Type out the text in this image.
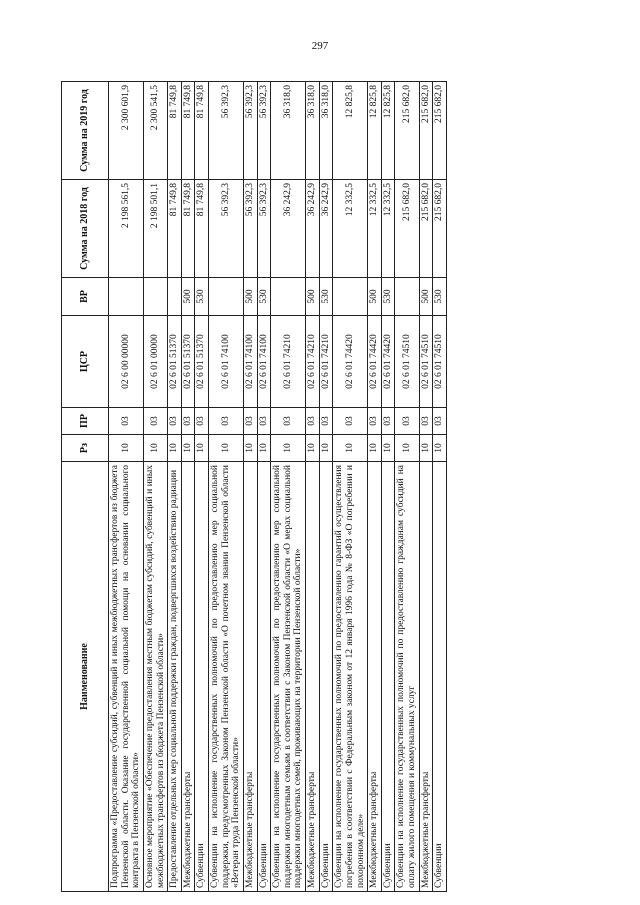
297
Наименование	Рз	ПР	ЦСР	ВР	Сумма на 2018 год	Сумма на 2019 год
Подпрограмма «Предоставление субсидий, субвенций и иных межбюджетных трансфертов из бюджета Пензенской области. Оказание государственной социальной помощи на основании социального контракта в Пензенской области»	10	03	02 6 00 00000		2 198 561,5	2 300 601,9
Основное мероприятие «Обеспечение предоставления местным бюджетам субсидий, субвенций и иных межбюджетных трансфертов из бюджета Пензенской области»	10	03	02 6 01 00000		2 198 501,1	2 300 541,5
Предоставление отдельных мер социальной поддержки граждан, подвергшихся воздействию радиации	10	03	02 6 01 51370		81 749,8	81 749,8
Межбюджетные трансферты	10	03	02 6 01 51370	500	81 749,8	81 749,8
Субвенции	10	03	02 6 01 51370	530	81 749,8	81 749,8
Субвенции на исполнение государственных полномочий по предоставлению мер социальной поддержки, предусмотренных Законом Пензенской области «О почетном звании Пензенской области «Ветеран труда Пензенской области»	10	03	02 6 01 74100		56 392,3	56 392,3
Межбюджетные трансферты	10	03	02 6 01 74100	500	56 392,3	56 392,3
Субвенции	10	03	02 6 01 74100	530	56 392,3	56 392,3
Субвенции на исполнение государственных полномочий по предоставлению мер социальной поддержки многодетным семьям в соответствии с Законом Пензенской области «О мерах социальной поддержки многодетных семей, проживающих на территории Пензенской области»	10	03	02 6 01 74210		36 242,9	36 318,0
Межбюджетные трансферты	10	03	02 6 01 74210	500	36 242,9	36 318,0
Субвенции	10	03	02 6 01 74210	530	36 242,9	36 318,0
Субвенции на исполнение государственных полномочий по предоставлению гарантий осуществления погребения в соответствии с Федеральным законом от 12 января 1996 года № 8-ФЗ «О погребении и похоронном деле»	10	03	02 6 01 74420		12 332,5	12 825,8
Межбюджетные трансферты	10	03	02 6 01 74420	500	12 332,5	12 825,8
Субвенции	10	03	02 6 01 74420	530	12 332,5	12 825,8
Субвенции на исполнение государственных полномочий по предоставлению гражданам субсидий на оплату жилого помещения и коммунальных услуг	10	03	02 6 01 74510		215 682,0	215 682,0
Межбюджетные трансферты	10	03	02 6 01 74510	500	215 682,0	215 682,0
Субвенции	10	03	02 6 01 74510	530	215 682,0	215 682,0
